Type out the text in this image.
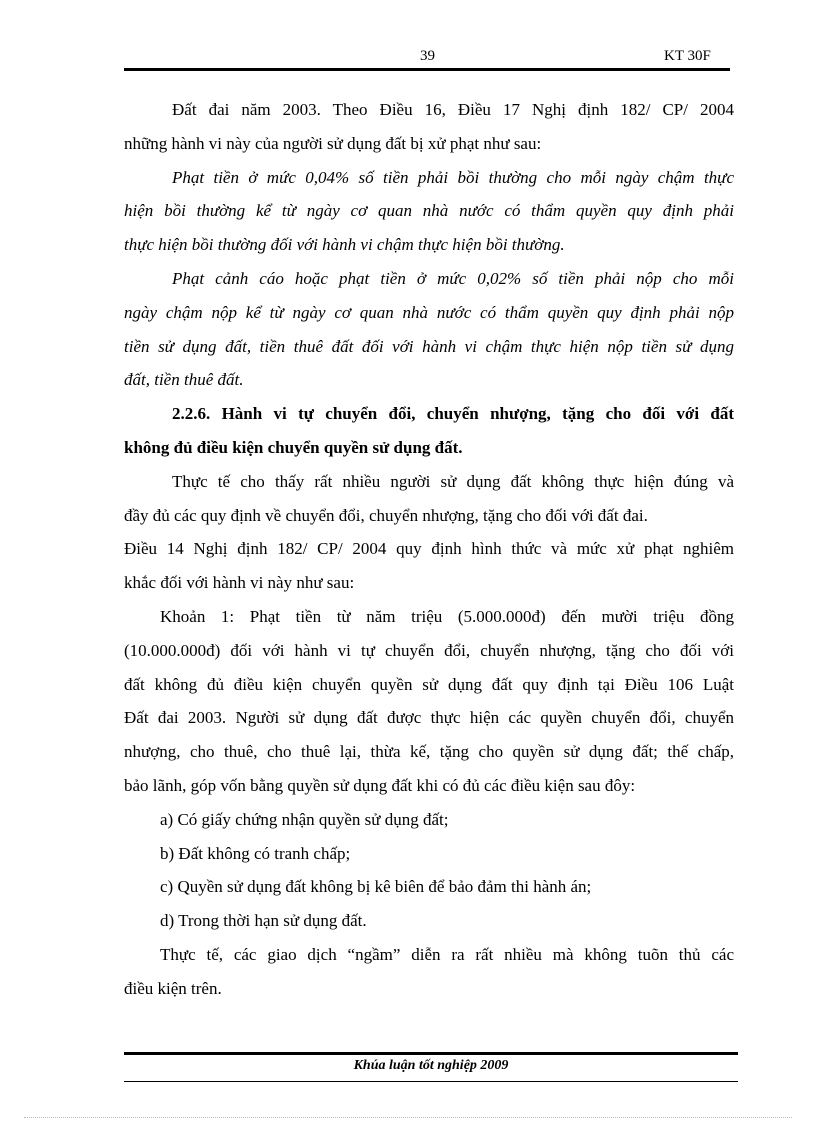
39	KT 30F
Đất đai năm 2003. Theo Điều 16, Điều 17 Nghị định 182/ CP/ 2004
những hành vi này của người sử dụng đất bị xử phạt như sau:
Phạt tiền ở mức 0,04% số tiền phải bồi thường cho mỗi ngày chậm thực
hiện bồi thường kể từ ngày cơ quan nhà nước có thẩm quyền quy định phải
thực hiện bồi thường đối với hành vi chậm thực hiện bồi thường.
Phạt cảnh cáo hoặc phạt tiền ở mức 0,02% số tiền phải nộp cho mỗi
ngày chậm nộp kể từ ngày cơ quan nhà nước có thẩm quyền quy định phải nộp
tiền sử dụng đất, tiền thuê đất đối với hành vi chậm thực hiện nộp tiền sử dụng
đất, tiền thuê đất.
2.2.6. Hành vi tự chuyển đổi, chuyển nhượng, tặng cho đối với đất
không đủ điều kiện chuyển quyền sử dụng đất.
Thực tế cho thấy rất nhiều người sử dụng đất không thực hiện đúng và
đầy đủ các quy định về chuyển đổi, chuyển nhượng, tặng cho đối với đất đai.
Điều 14 Nghị định 182/ CP/ 2004 quy định hình thức và mức xử phạt nghiêm
khắc đối với hành vi này như sau:
Khoản 1: Phạt tiền từ năm triệu (5.000.000đ) đến mười triệu đồng
(10.000.000đ) đối với hành vi tự chuyển đổi, chuyển nhượng, tặng cho đối với
đất không đủ điều kiện chuyển quyền sử dụng đất quy định tại Điều 106 Luật
Đất đai 2003. Người sử dụng đất được thực hiện các quyền chuyển đổi, chuyển
nhượng, cho thuê, cho thuê lại, thừa kế, tặng cho quyền sử dụng đất; thế chấp,
bảo lãnh, góp vốn bằng quyền sử dụng đất khi có đủ các điều kiện sau đôy:
a) Có giấy chứng nhận quyền sử dụng đất;
b) Đất không có tranh chấp;
c) Quyền sử dụng đất không bị kê biên để bảo đảm thi hành án;
d) Trong thời hạn sử dụng đất.
Thực tế, các giao dịch “ngầm” diễn ra rất nhiều mà không tuõn thủ các
điều kiện trên.
Khúa luận tốt nghiệp 2009
